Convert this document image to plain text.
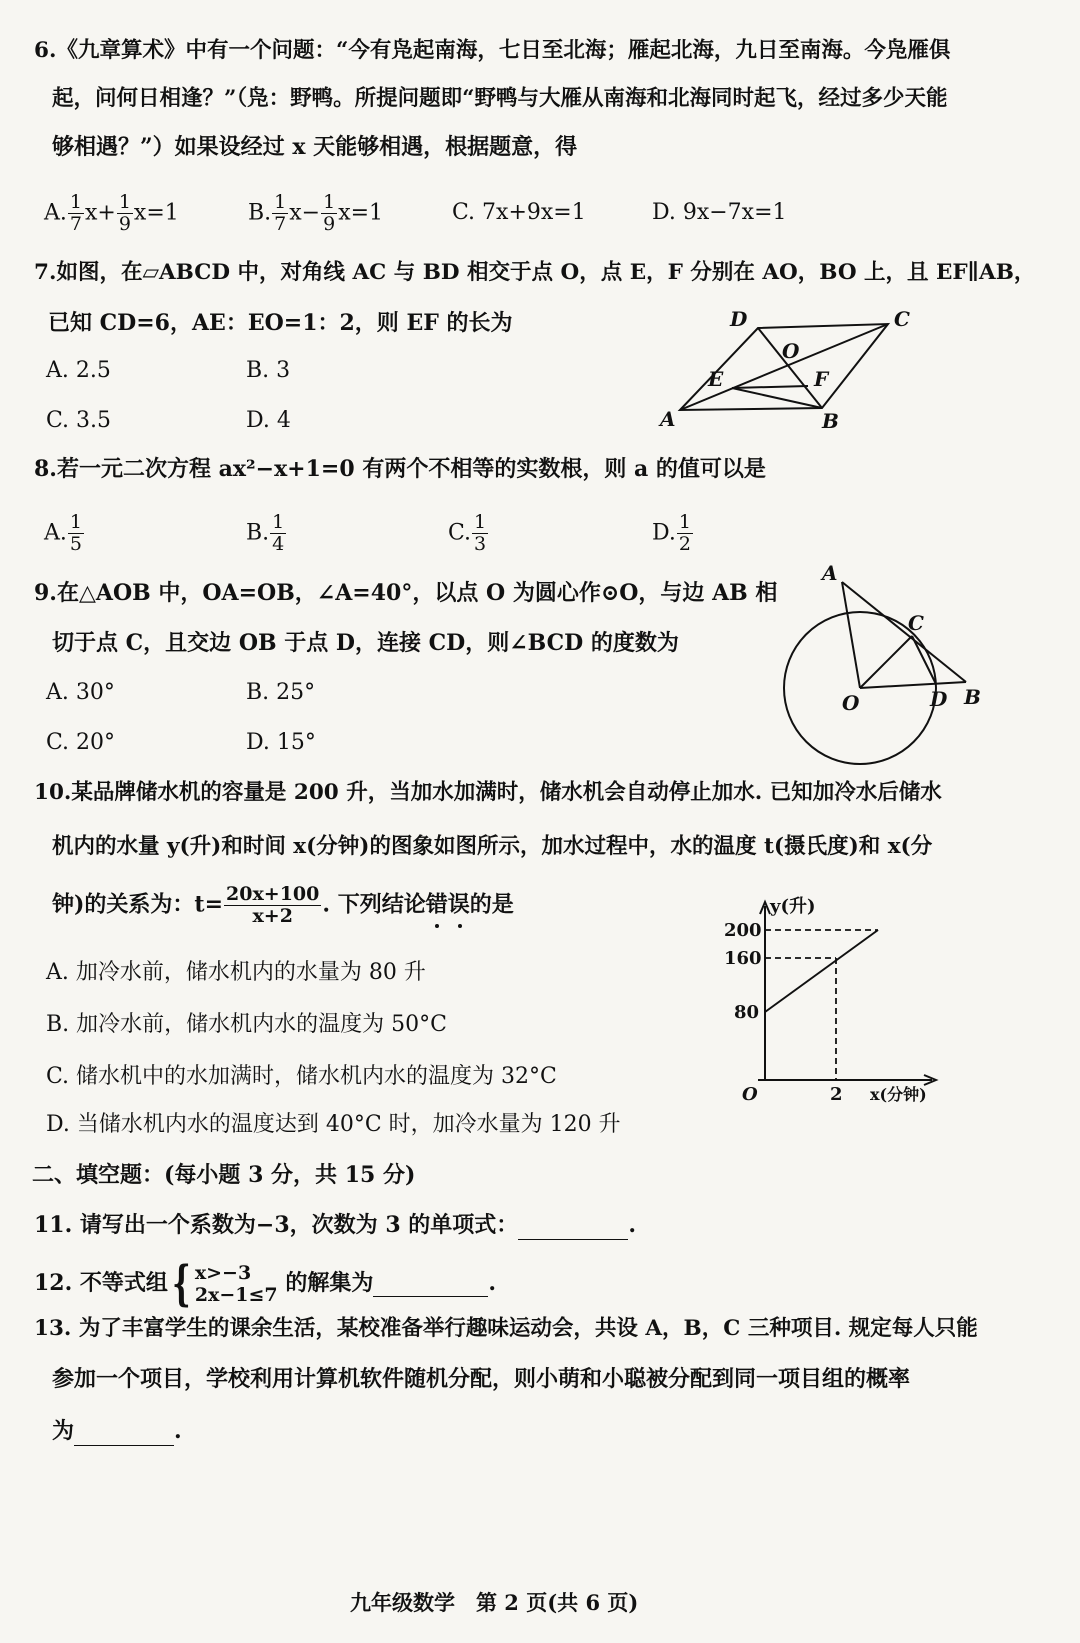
6.《九章算术》中有一个问题：“今有凫起南海，七日至北海；雁起北海，九日至南海。今凫雁俱
起，问何日相逢？”（凫：野鸭。所提问题即“野鸭与大雁从南海和北海同时起飞，经过多少天能
够相遇？”）如果设经过 x 天能够相遇，根据题意，得
A. $\frac{1}{7} x+ \frac{1}{9} x=1$	B. $\frac{1}{7} x- \frac{1}{9} x=1$	C. 7x+9x=1	D. 9x−7x=1
7.如图，在▱ABCD 中，对角线 AC 与 BD 相交于点 O，点 E，F 分别在 AO，BO 上，且 EF∥AB，
已知 CD=6，AE：EO=1：2，则 EF 的长为
A. 2.5	B. 3
C. 3.5	D. 4
D	C
O
E	F
A	B
8.若一元二次方程 ax²−x+1=0 有两个不相等的实数根，则 a 的值可以是
A. $\frac{1}{5}$	B. $\frac{1}{4}$	C. $\frac{1}{3}$	D. $\frac{1}{2}$
9.在△AOB 中，OA=OB，∠A=40°，以点 O 为圆心作⊙O，与边 AB 相
切于点 C，且交边 OB 于点 D，连接 CD，则∠BCD 的度数为
A. 30°	B. 25°
C. 20°	D. 15°
A
C
O	D B
10.某品牌储水机的容量是 200 升，当加水加满时，储水机会自动停止加水. 已知加冷水后储水
机内的水量 y(升)和时间 x(分钟)的图象如图所示，加水过程中，水的温度 t(摄氏度)和 x(分
钟)的关系为：$t= \frac{20x+100}{x+2}$ . 下列结论错误的是
A. 加冷水前，储水机内的水量为 80 升
B. 加冷水前，储水机内水的温度为 50°C
C. 储水机中的水加满时，储水机内水的温度为 32°C
D. 当储水机内水的温度达到 40°C 时，加冷水量为 120 升
y(升)
200
160
80
O	2 x(分钟)
二、填空题：(每小题 3 分，共 15 分)
11. 请写出一个系数为−3，次数为 3 的单项式：	.
12. 不等式组{ x>−3
2x−1≤7 的解集为	.
13. 为了丰富学生的课余生活，某校准备举行趣味运动会，共设 A，B，C 三种项目. 规定每人只能
参加一个项目，学校利用计算机软件随机分配，则小萌和小聪被分配到同一项目组的概率
为	.
九年级数学　第 2 页(共 6 页)
